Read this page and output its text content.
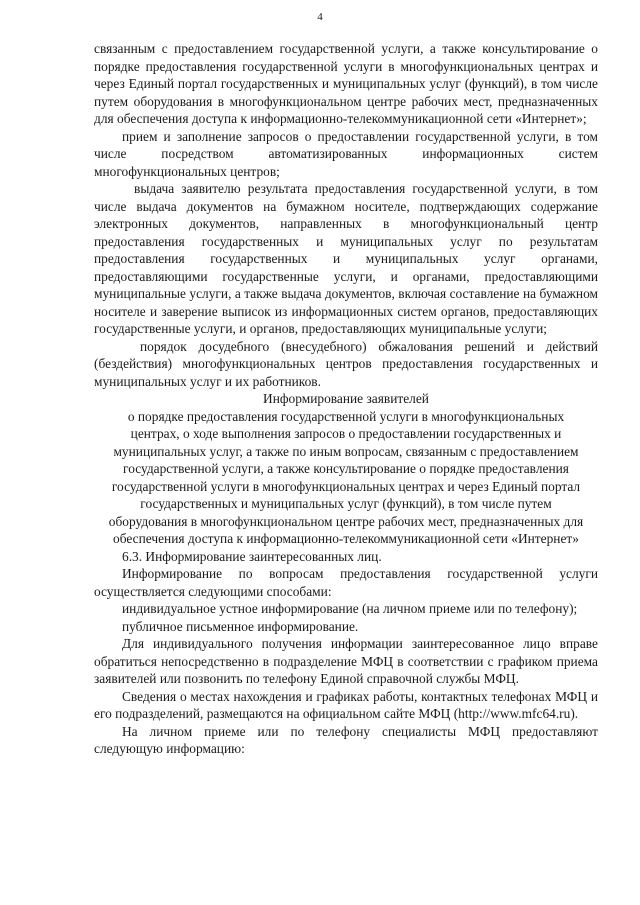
4

связанным с предоставлением государственной услуги, а также консультирование о порядке предоставления государственной услуги в многофункциональных центрах и через Единый портал государственных и муниципальных услуг (функций), в том числе путем оборудования в многофункциональном центре рабочих мест, предназначенных для обеспечения доступа к информационно-телекоммуникационной сети «Интернет»;

прием и заполнение запросов о предоставлении государственной услуги, в том числе посредством автоматизированных информационных систем многофункциональных центров;

выдача заявителю результата предоставления государственной услуги, в том числе выдача документов на бумажном носителе, подтверждающих содержание электронных документов, направленных в многофункциональный центр предоставления государственных и муниципальных услуг по результатам предоставления государственных и муниципальных услуг органами, предоставляющими государственные услуги, и органами, предоставляющими муниципальные услуги, а также выдача документов, включая составление на бумажном носителе и заверение выписок из информационных систем органов, предоставляющих государственные услуги, и органов, предоставляющих муниципальные услуги;

порядок досудебного (внесудебного) обжалования решений и действий (бездействия) многофункциональных центров предоставления государственных и муниципальных услуг и их работников.

Информирование заявителей

о порядке предоставления государственной услуги в многофункциональных центрах, о ходе выполнения запросов о предоставлении государственных и муниципальных услуг, а также по иным вопросам, связанным с предоставлением государственной услуги, а также консультирование о порядке предоставления государственной услуги в многофункциональных центрах и через Единый портал государственных и муниципальных услуг (функций), в том числе путем оборудования в многофункциональном центре рабочих мест, предназначенных для обеспечения доступа к информационно-телекоммуникационной сети «Интернет»

6.3. Информирование заинтересованных лиц.

Информирование по вопросам предоставления государственной услуги осуществляется следующими способами:

индивидуальное устное информирование (на личном приеме или по телефону);

публичное письменное информирование.

Для индивидуального получения информации заинтересованное лицо вправе обратиться непосредственно в подразделение МФЦ в соответствии с графиком приема заявителей или позвонить по телефону Единой справочной службы МФЦ.

Сведения о местах нахождения и графиках работы, контактных телефонах МФЦ и его подразделений, размещаются на официальном сайте МФЦ (http://www.mfc64.ru).

На личном приеме или по телефону специалисты МФЦ предоставляют следующую информацию:
